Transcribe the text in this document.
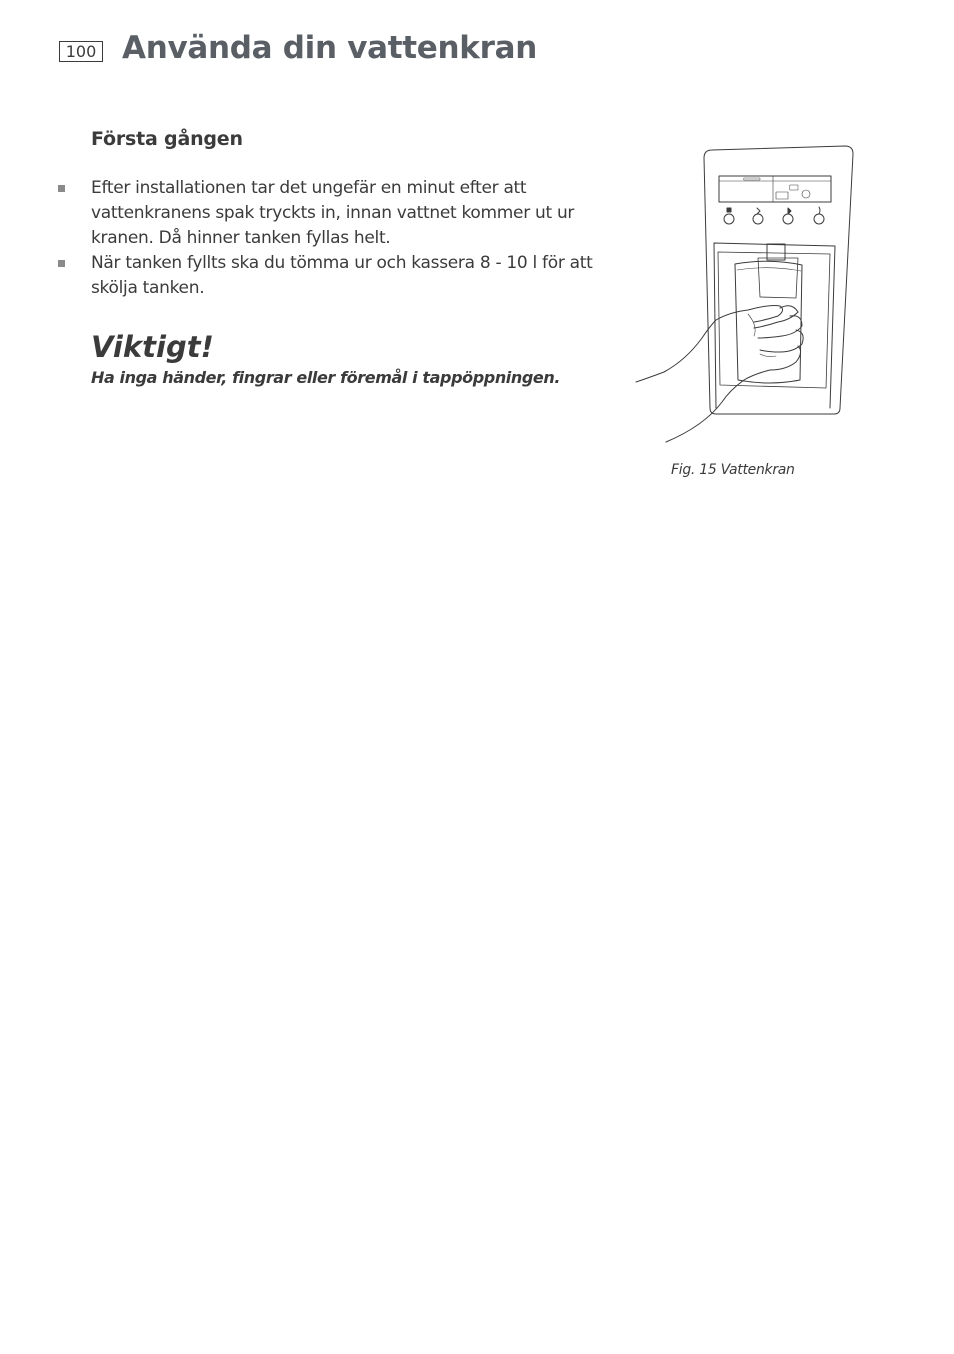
100 Använda din vattenkran
Första gången
Efter installationen tar det ungefär en minut efter att vattenkranens spak tryckts in, innan vattnet kommer ut ur kranen. Då hinner tanken fyllas helt.
När tanken fyllts ska du tömma ur och kassera 8 - 10 l för att skölja tanken.
Viktigt!

Ha inga händer, fingrar eller föremål i tappöppningen.

Fig. 15 Vattenkran
